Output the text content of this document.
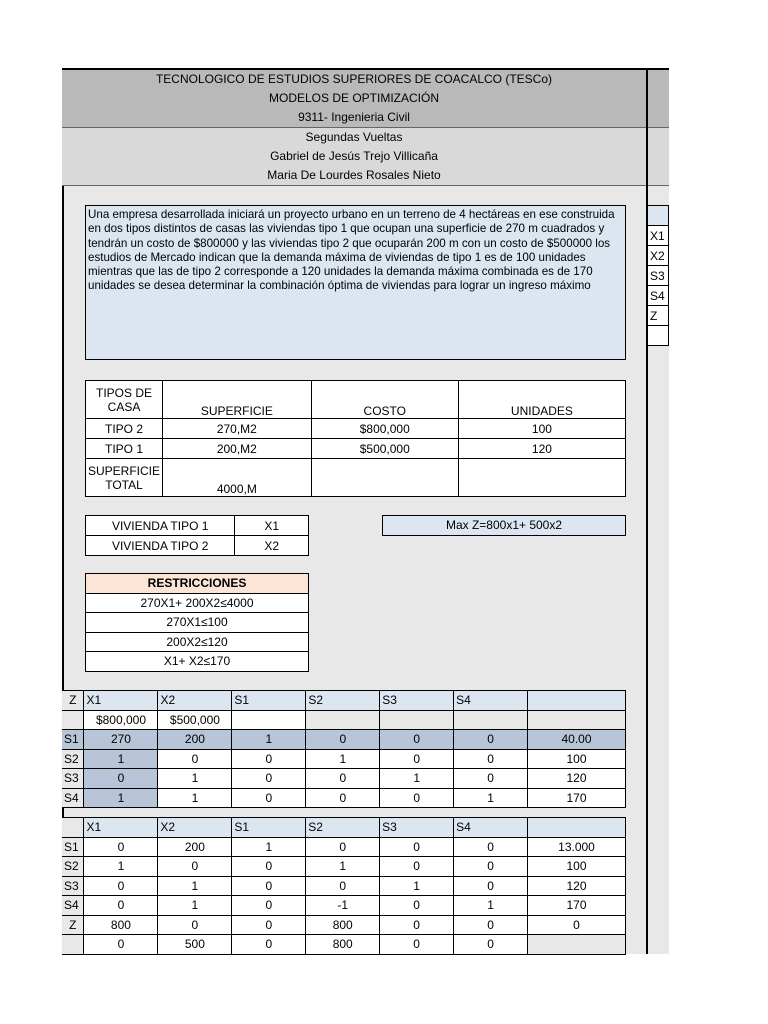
TECNOLOGICO DE ESTUDIOS SUPERIORES DE COACALCO (TESCo)
MODELOS DE OPTIMIZACIÓN
9311- Ingenieria Civil
Segundas Vueltas
Gabriel de Jesús Trejo Villicaña
Maria De Lourdes Rosales Nieto
Una empresa desarrollada iniciará un proyecto urbano en un terreno de 4 hectáreas en ese construida en dos tipos distintos de casas las viviendas tipo 1 que ocupan una superficie de 270 m cuadrados y tendrán un costo de $800000 y las viviendas tipo 2 que ocuparán 200 m con un costo de $500000 los estudios de Mercado indican que la demanda máxima de viviendas de tipo 1 es de 100 unidades mientras que las de tipo 2 corresponde a 120 unidades la demanda máxima combinada es de 170 unidades se desea determinar la combinación óptima de viviendas para lograr un ingreso máximo
TIPOS DE CASA	SUPERFICIE	COSTO	UNIDADES
TIPO 2	270,M2	$800,000	100
TIPO 1	200,M2	$500,000	120
SUPERFICIE TOTAL	4000,M		
VIVIENDA TIPO 1	X1
VIVIENDA TIPO 2	X2
Max Z=800x1+ 500x2
RESTRICCIONES
270X1+ 200X2≤4000
270X1≤100
200X2≤120
X1+ X2≤170

X1
X2
S3
S4
Z

Z	X1	X2	S1	S2	S3	S4	
	$800,000	$500,000					
S1	270	200	1	0	0	0	40.00
S2	1	0	0	1	0	0	100
S3	0	1	0	0	1	0	120
S4	1	1	0	0	0	1	170
	X1	X2	S1	S2	S3	S4	
S1	0	200	1	0	0	0	13.000
S2	1	0	0	1	0	0	100
S3	0	1	0	0	1	0	120
S4	0	1	0	-1	0	1	170
Z	800	0	0	800	0	0	0
	0	500	0	800	0	0	
